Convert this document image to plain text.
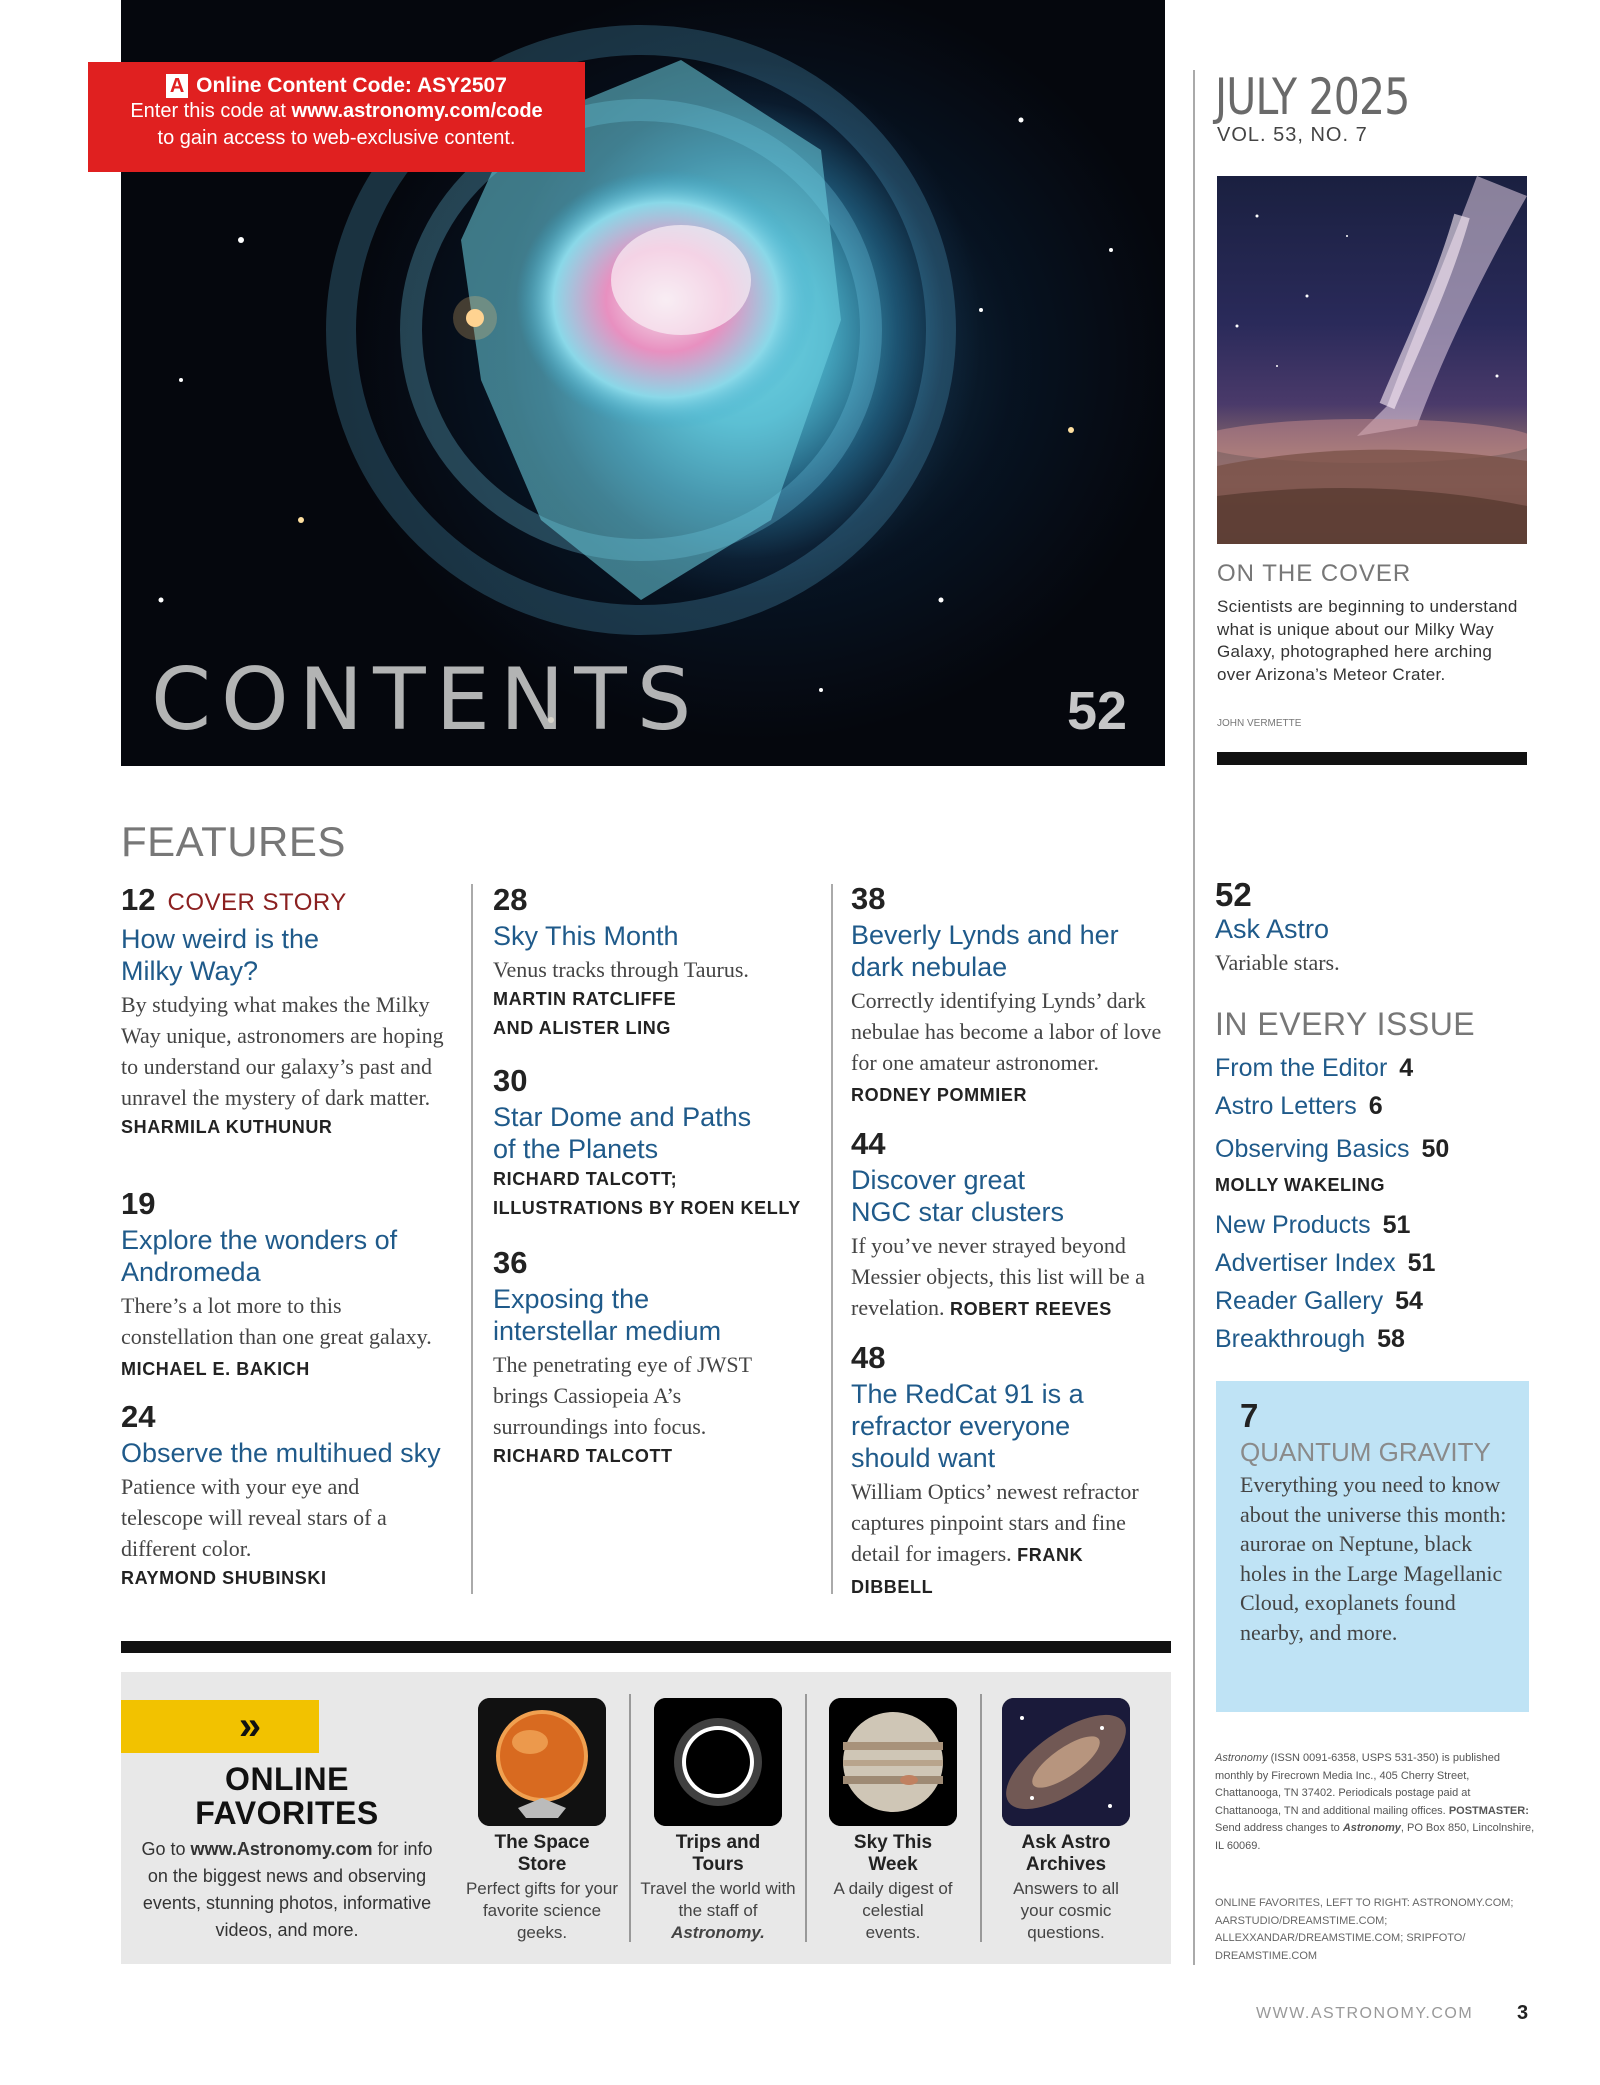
CONTENTS	52
A Online Content Code: ASY2507
Enter this code at www.astronomy.com/code
to gain access to web-exclusive content.
JULY 2025
VOL. 53, NO. 7
ON THE COVER
Scientists are beginning to understand what is unique about our Milky Way Galaxy, photographed here arching over Arizona’s Meteor Crater.
JOHN VERMETTE
52
Ask Astro
Variable stars.
IN EVERY ISSUE
From the Editor 4
Astro Letters 6
Observing Basics 50
MOLLY WAKELING
New Products 51
Advertiser Index 51
Reader Gallery 54
Breakthrough 58
7
QUANTUM GRAVITY
Everything you need to know about the universe this month: aurorae on Neptune, black holes in the Large Magellanic Cloud, exoplanets found nearby, and more.
Astronomy (ISSN 0091-6358, USPS 531-350) is published monthly by Firecrown Media Inc., 405 Cherry Street, Chattanooga, TN 37402. Periodicals postage paid at Chattanooga, TN and additional mailing offices. POSTMASTER: Send address changes to Astronomy, PO Box 850, Lincolnshire, IL 60069.
ONLINE FAVORITES, LEFT TO RIGHT: ASTRONOMY.COM; AARSTUDIO/DREAMSTIME.COM; ALLEXXANDAR/DREAMSTIME.COM; SRIPFOTO/ DREAMSTIME.COM
WWW.ASTRONOMY.COM 3
FEATURES
12 COVER STORY
How weird is the Milky Way?
By studying what makes the Milky Way unique, astronomers are hoping to understand our galaxy’s past and unravel the mystery of dark matter.
SHARMILA KUTHUNUR
19
Explore the wonders of Andromeda
There’s a lot more to this constellation than one great galaxy. MICHAEL E. BAKICH
24
Observe the multihued sky
Patience with your eye and telescope will reveal stars of a different color.
RAYMOND SHUBINSKI
28
Sky This Month
Venus tracks through Taurus.
MARTIN RATCLIFFE AND ALISTER LING
30
Star Dome and Paths of the Planets
RICHARD TALCOTT; ILLUSTRATIONS BY ROEN KELLY
36
Exposing the interstellar medium
The penetrating eye of JWST brings Cassiopeia A’s surroundings into focus.
RICHARD TALCOTT
38
Beverly Lynds and her dark nebulae
Correctly identifying Lynds’ dark nebulae has become a labor of love for one amateur astronomer. RODNEY POMMIER
44
Discover great NGC star clusters
If you’ve never strayed beyond Messier objects, this list will be a revelation. ROBERT REEVES
48
The RedCat 91 is a refractor everyone should want
William Optics’ newest refractor captures pinpoint stars and fine detail for imagers. FRANK DIBBELL
»
ONLINE
FAVORITES
Go to www.Astronomy.com for info on the biggest news and observing events, stunning photos, informative videos, and more.
The Space Store
Perfect gifts for your favorite science geeks.
Trips and Tours
Travel the world with the staff of Astronomy.
Sky This Week
A daily digest of celestial events.
Ask Astro Archives
Answers to all your cosmic questions.
